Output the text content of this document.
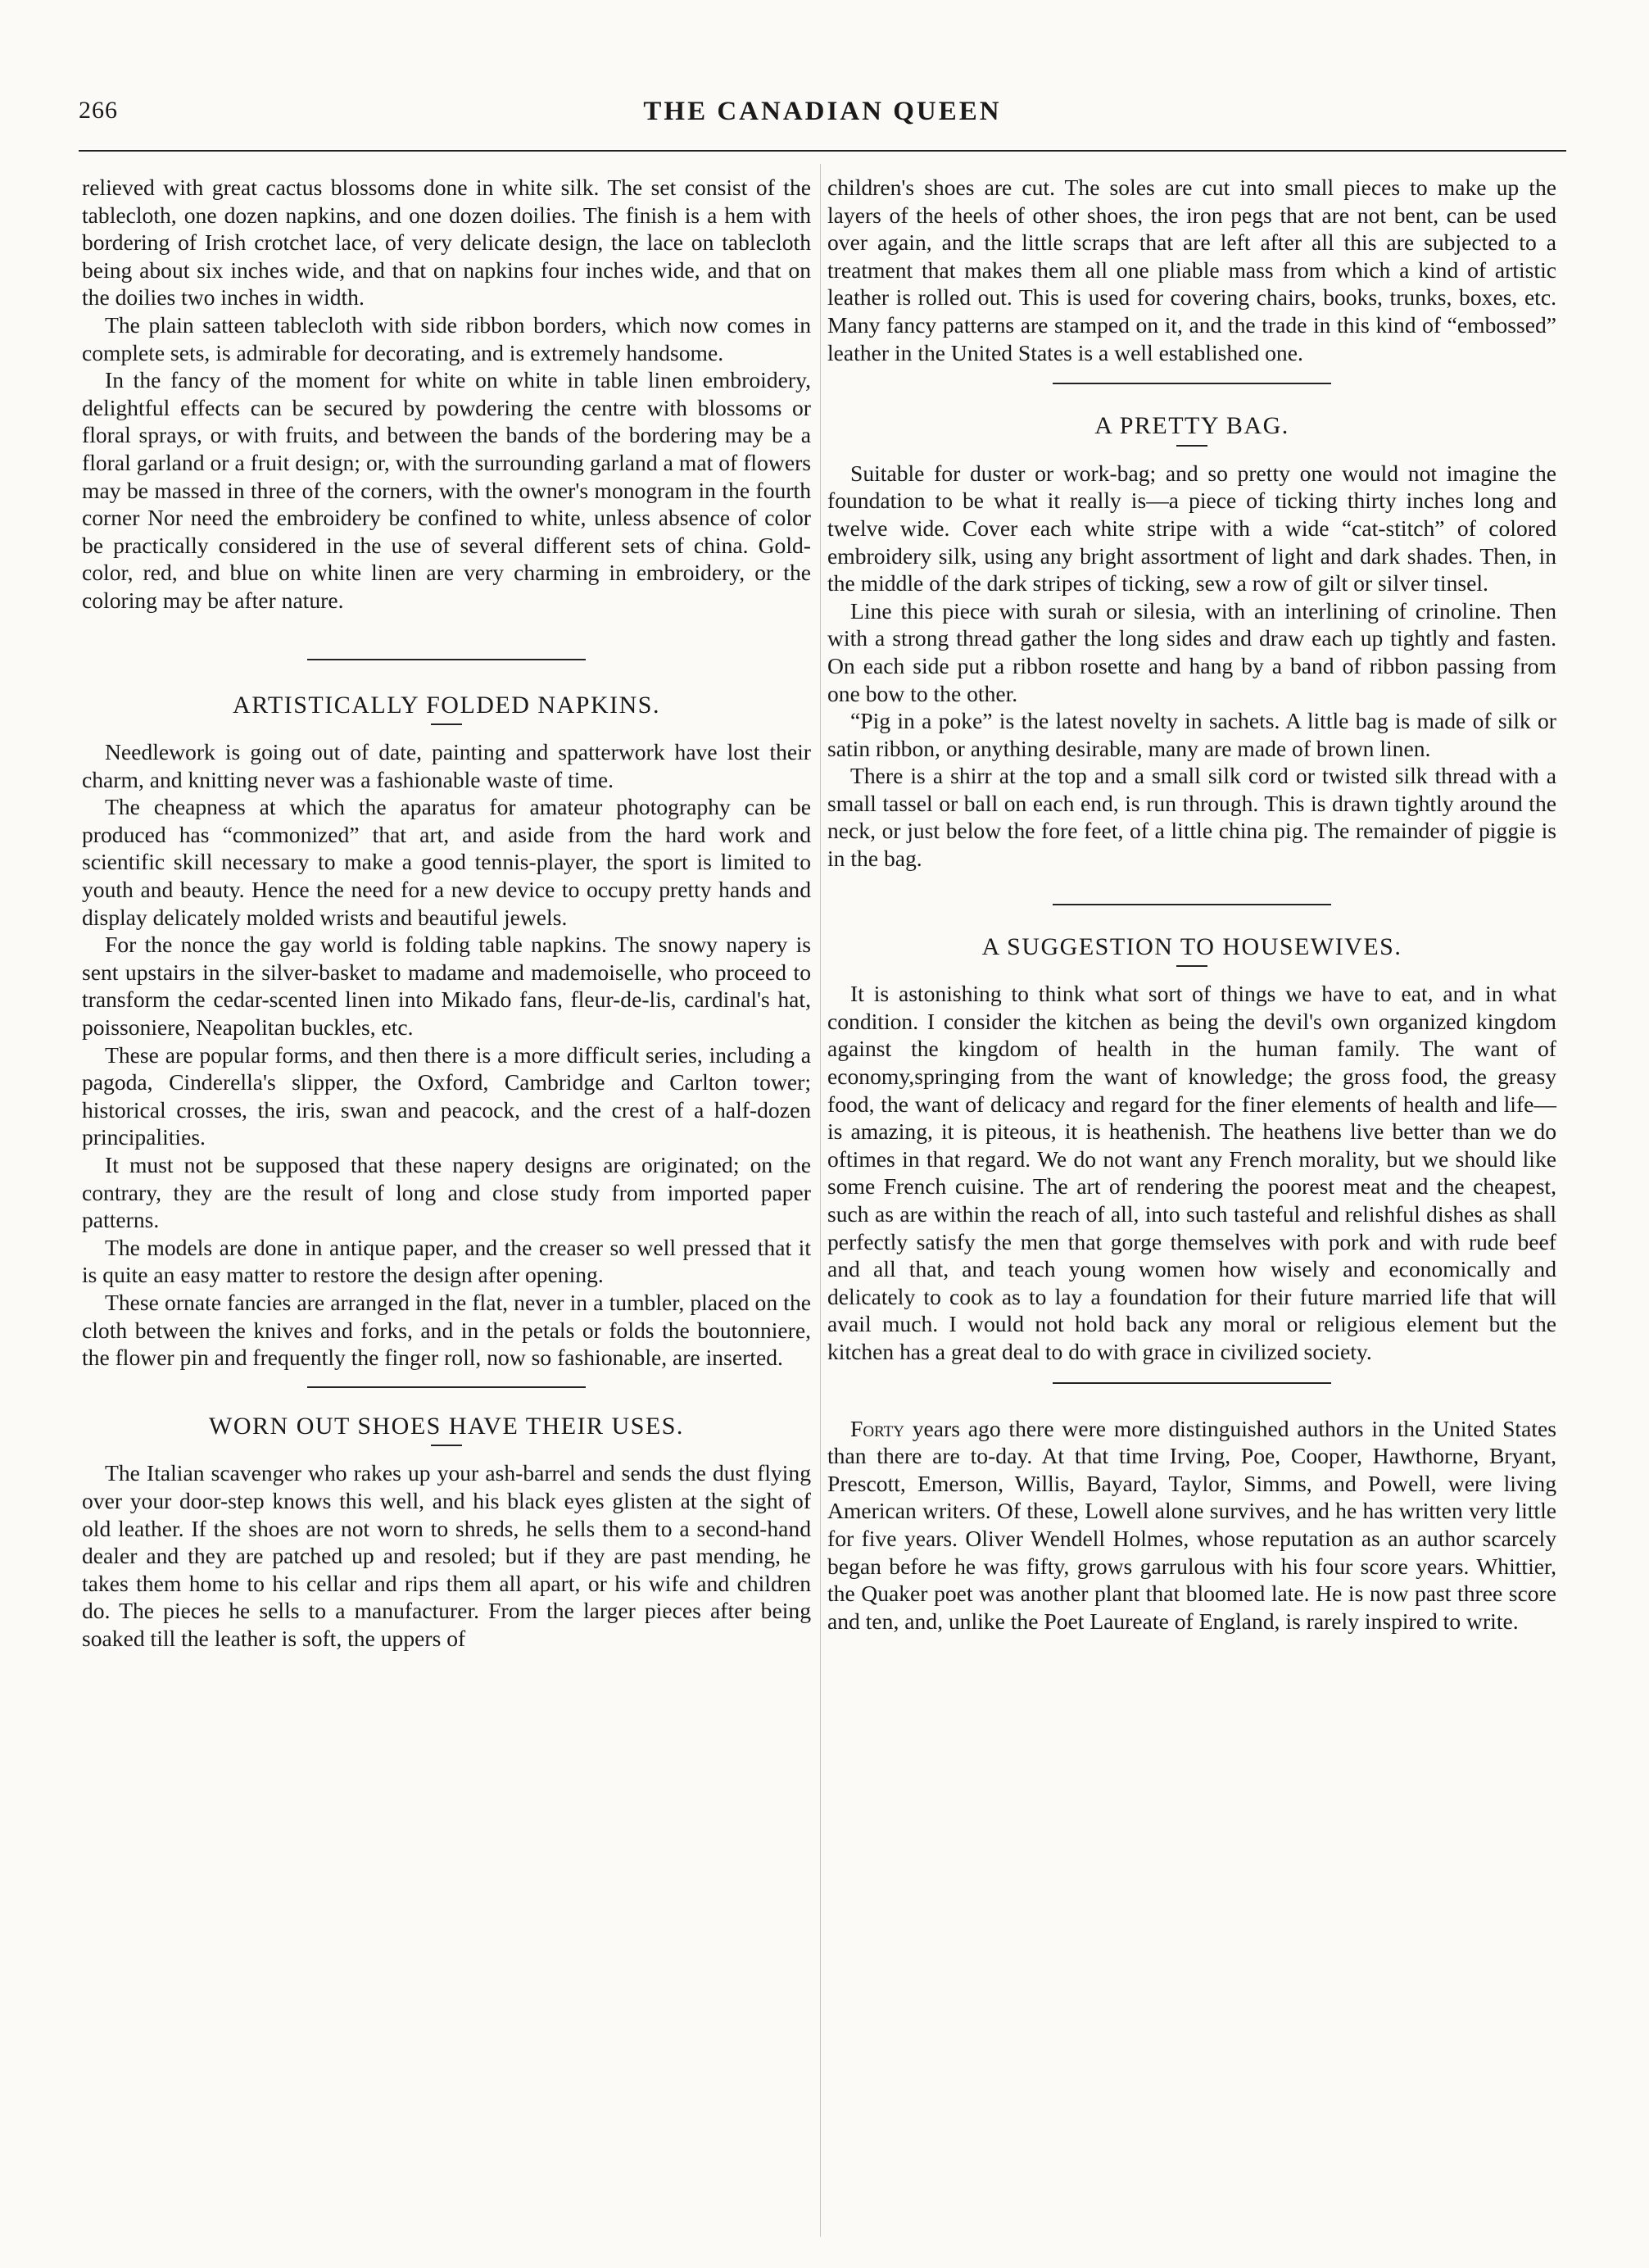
266	THE CANADIAN QUEEN

relieved with great cactus blossoms done in white silk. The set consist of the tablecloth, one dozen napkins, and one dozen doilies. The finish is a hem with bordering of Irish crotchet lace, of very delicate design, the lace on tablecloth being about six inches wide, and that on napkins four inches wide, and that on the doilies two inches in width.

The plain satteen tablecloth with side ribbon borders, which now comes in complete sets, is admirable for decorating, and is extremely handsome.

In the fancy of the moment for white on white in table linen embroidery, delightful effects can be secured by powdering the centre with blossoms or floral sprays, or with fruits, and between the bands of the bordering may be a floral garland or a fruit design; or, with the surrounding garland a mat of flowers may be massed in three of the corners, with the owner's monogram in the fourth corner Nor need the embroidery be confined to white, unless absence of color be practically considered in the use of several different sets of china. Gold-color, red, and blue on white linen are very charming in embroidery, or the coloring may be after nature.

ARTISTICALLY FOLDED NAPKINS.

Needlework is going out of date, painting and spatterwork have lost their charm, and knitting never was a fashionable waste of time.

The cheapness at which the aparatus for amateur photography can be produced has “commonized” that art, and aside from the hard work and scientific skill necessary to make a good tennis-player, the sport is limited to youth and beauty. Hence the need for a new device to occupy pretty hands and display delicately molded wrists and beautiful jewels.

For the nonce the gay world is folding table napkins. The snowy napery is sent upstairs in the silver-basket to madame and mademoiselle, who proceed to transform the cedar-scented linen into Mikado fans, fleur-de-lis, cardinal's hat, poissoniere, Neapolitan buckles, etc.

These are popular forms, and then there is a more difficult series, including a pagoda, Cinderella's slipper, the Oxford, Cambridge and Carlton tower; historical crosses, the iris, swan and peacock, and the crest of a half-dozen principalities.

It must not be supposed that these napery designs are originated; on the contrary, they are the result of long and close study from imported paper patterns.

The models are done in antique paper, and the creaser so well pressed that it is quite an easy matter to restore the design after opening.

These ornate fancies are arranged in the flat, never in a tumbler, placed on the cloth between the knives and forks, and in the petals or folds the boutonniere, the flower pin and frequently the finger roll, now so fashionable, are inserted.

WORN OUT SHOES HAVE THEIR USES.

The Italian scavenger who rakes up your ash-barrel and sends the dust flying over your door-step knows this well, and his black eyes glisten at the sight of old leather. If the shoes are not worn to shreds, he sells them to a second-hand dealer and they are patched up and resoled; but if they are past mending, he takes them home to his cellar and rips them all apart, or his wife and children do. The pieces he sells to a manufacturer. From the larger pieces after being soaked till the leather is soft, the uppers of

children's shoes are cut. The soles are cut into small pieces to make up the layers of the heels of other shoes, the iron pegs that are not bent, can be used over again, and the little scraps that are left after all this are subjected to a treatment that makes them all one pliable mass from which a kind of artistic leather is rolled out. This is used for covering chairs, books, trunks, boxes, etc. Many fancy patterns are stamped on it, and the trade in this kind of “embossed” leather in the United States is a well established one.

A PRETTY BAG.

Suitable for duster or work-bag; and so pretty one would not imagine the foundation to be what it really is—a piece of ticking thirty inches long and twelve wide. Cover each white stripe with a wide “cat-stitch” of colored embroidery silk, using any bright assortment of light and dark shades. Then, in the middle of the dark stripes of ticking, sew a row of gilt or silver tinsel.

Line this piece with surah or silesia, with an interlining of crinoline. Then with a strong thread gather the long sides and draw each up tightly and fasten. On each side put a ribbon rosette and hang by a band of ribbon passing from one bow to the other.

“Pig in a poke” is the latest novelty in sachets. A little bag is made of silk or satin ribbon, or anything desirable, many are made of brown linen.

There is a shirr at the top and a small silk cord or twisted silk thread with a small tassel or ball on each end, is run through. This is drawn tightly around the neck, or just below the fore feet, of a little china pig. The remainder of piggie is in the bag.

A SUGGESTION TO HOUSEWIVES.

It is astonishing to think what sort of things we have to eat, and in what condition. I consider the kitchen as being the devil's own organized kingdom against the kingdom of health in the human family. The want of economy,springing from the want of knowledge; the gross food, the greasy food, the want of delicacy and regard for the finer elements of health and life—is amazing, it is piteous, it is heathenish. The heathens live better than we do oftimes in that regard. We do not want any French morality, but we should like some French cuisine. The art of rendering the poorest meat and the cheapest, such as are within the reach of all, into such tasteful and relishful dishes as shall perfectly satisfy the men that gorge themselves with pork and with rude beef and all that, and teach young women how wisely and economically and delicately to cook as to lay a foundation for their future married life that will avail much. I would not hold back any moral or religious element but the kitchen has a great deal to do with grace in civilized society.

Forty years ago there were more distinguished authors in the United States than there are to-day. At that time Irving, Poe, Cooper, Hawthorne, Bryant, Prescott, Emerson, Willis, Bayard, Taylor, Simms, and Powell, were living American writers. Of these, Lowell alone survives, and he has written very little for five years. Oliver Wendell Holmes, whose reputation as an author scarcely began before he was fifty, grows garrulous with his four score years. Whittier, the Quaker poet was another plant that bloomed late. He is now past three score and ten, and, unlike the Poet Laureate of England, is rarely inspired to write.
